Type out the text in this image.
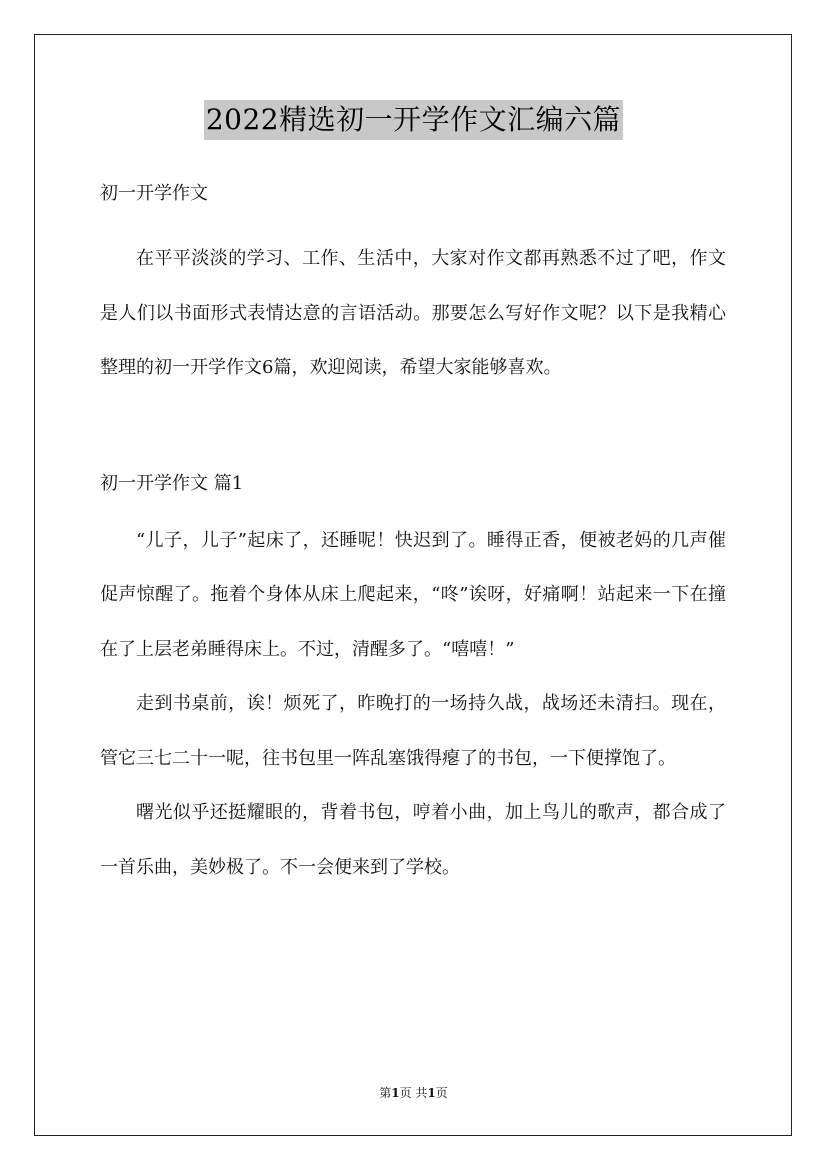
2022精选初一开学作文汇编六篇

初一开学作文

在平平淡淡的学习、工作、生活中，大家对作文都再熟悉不过了吧，作文是人们以书面形式表情达意的言语活动。那要怎么写好作文呢？以下是我精心整理的初一开学作文6篇，欢迎阅读，希望大家能够喜欢。

初一开学作文 篇1

“儿子，儿子”起床了，还睡呢！快迟到了。睡得正香，便被老妈的几声催促声惊醒了。拖着个身体从床上爬起来，“咚”诶呀，好痛啊！站起来一下在撞在了上层老弟睡得床上。不过，清醒多了。“嘻嘻！”

走到书桌前，诶！烦死了，昨晚打的一场持久战，战场还未清扫。现在，管它三七二十一呢，往书包里一阵乱塞饿得瘪了的书包，一下便撑饱了。

曙光似乎还挺耀眼的，背着书包，哼着小曲，加上鸟儿的歌声，都合成了一首乐曲，美妙极了。不一会便来到了学校。

第1页 共1页
